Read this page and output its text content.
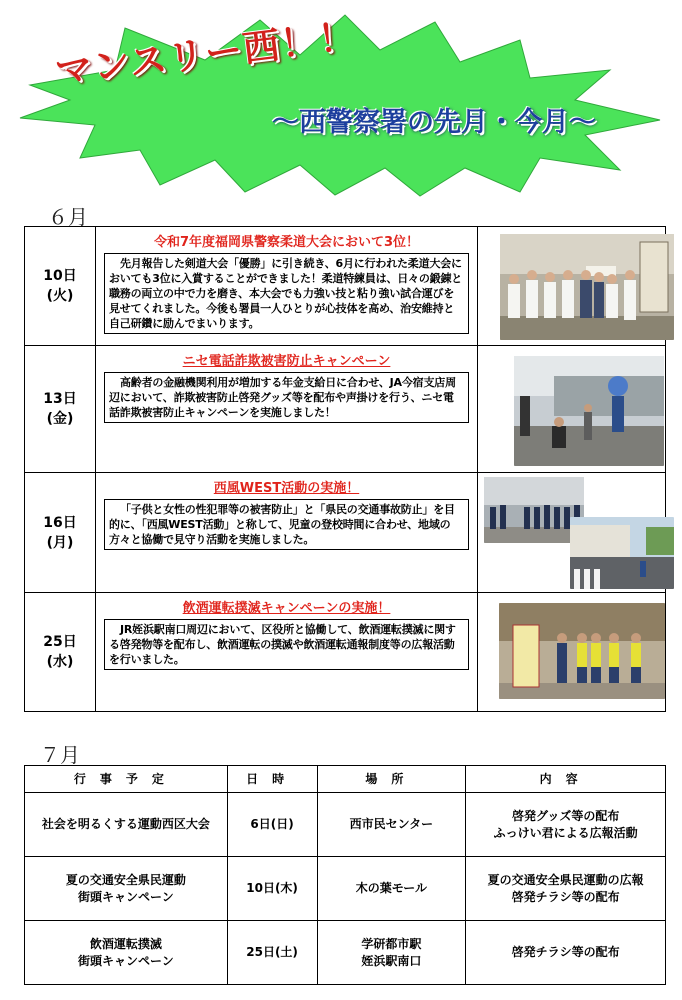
マンスリー西！！
～西警察署の先月・今月～
６月
10日
(火)
令和7年度福岡県警察柔道大会において3位！
先月報告した剣道大会「優勝」に引き続き、6月に行われた柔道大会においても3位に入賞することができました！柔道特練員は、日々の鍛錬と職務の両立の中で力を磨き、本大会でも力強い技と粘り強い試合運びを見せてくれました。今後も署員一人ひとりが心技体を高め、治安維持と自己研鑽に励んでまいります。
13日
(金)
ニセ電話詐欺被害防止キャンペーン
高齢者の金融機関利用が増加する年金支給日に合わせ、JA今宿支店周辺において、詐欺被害防止啓発グッズ等を配布や声掛けを行う、ニセ電話詐欺被害防止キャンペーンを実施しました！
16日
(月)
西風WEST活動の実施！
「子供と女性の性犯罪等の被害防止」と「県民の交通事故防止」を目的に、「西風WEST活動」と称して、児童の登校時間に合わせ、地域の方々と協働で見守り活動を実施しました。
25日
(水)
飲酒運転撲滅キャンペーンの実施！
JR姪浜駅南口周辺において、区役所と協働して、飲酒運転撲滅に関する啓発物等を配布し、飲酒運転の撲滅や飲酒運転通報制度等の広報活動を行いました。
７月
行事予定	日時	場所	内容
社会を明るくする運動西区大会	6日(日)	西市民センター	啓発グッズ等の配布
ふっけい君による広報活動
夏の交通安全県民運動
街頭キャンペーン	10日(木)	木の葉モール	夏の交通安全県民運動の広報
啓発チラシ等の配布
飲酒運転撲滅
街頭キャンペーン	25日(土)	学研都市駅
姪浜駅南口	啓発チラシ等の配布
